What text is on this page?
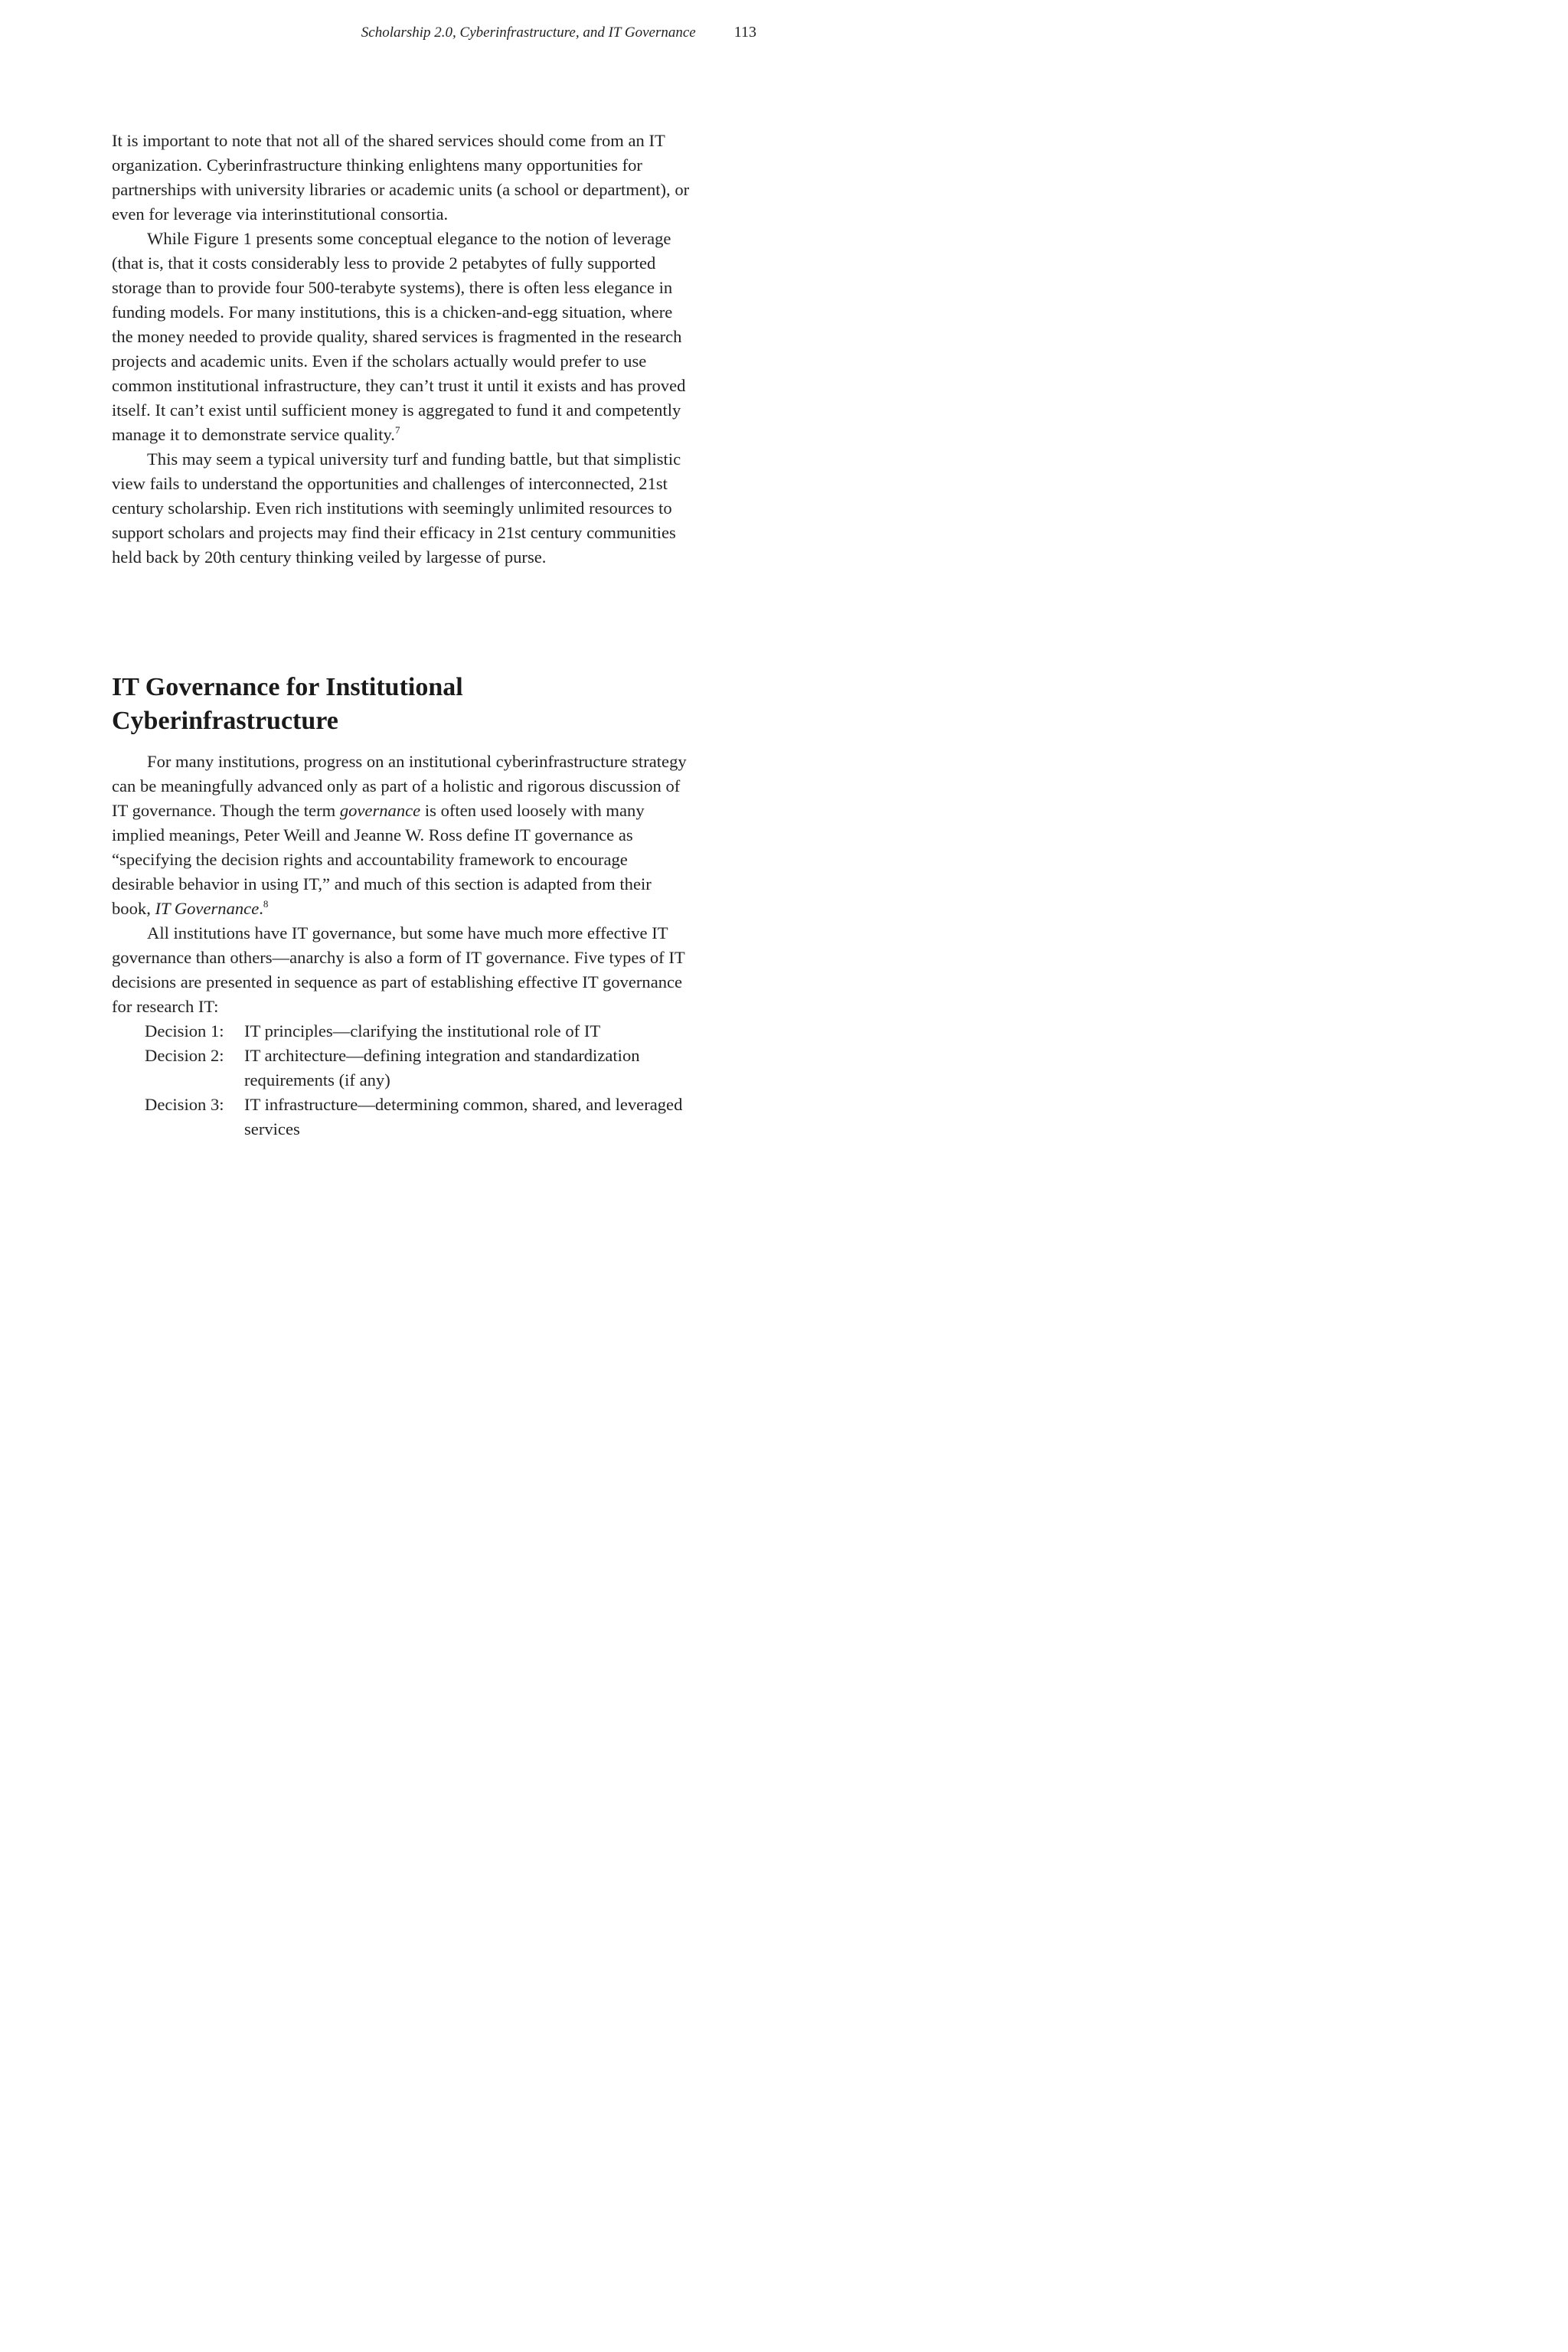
Scholarship 2.0, Cyberinfrastructure, and IT Governance	113

It is important to note that not all of the shared services should come from an IT organization. Cyberinfrastructure thinking enlightens many opportunities for partnerships with university libraries or academic units (a school or department), or even for leverage via interinstitutional consortia.

While Figure 1 presents some conceptual elegance to the notion of leverage (that is, that it costs considerably less to provide 2 petabytes of fully supported storage than to provide four 500-terabyte systems), there is often less elegance in funding models. For many institutions, this is a chicken-and-egg situation, where the money needed to provide quality, shared services is fragmented in the research projects and academic units. Even if the scholars actually would prefer to use common institutional infrastructure, they can’t trust it until it exists and has proved itself. It can’t exist until sufficient money is aggregated to fund it and competently manage it to demonstrate service quality.$^7$

This may seem a typical university turf and funding battle, but that simplistic view fails to understand the opportunities and challenges of interconnected, 21st century scholarship. Even rich institutions with seemingly unlimited resources to support scholars and projects may find their efficacy in 21st century communities held back by 20th century thinking veiled by largesse of purse.

IT Governance for Institutional Cyberinfrastructure

For many institutions, progress on an institutional cyberinfrastructure strategy can be meaningfully advanced only as part of a holistic and rigorous discussion of IT governance. Though the term governance is often used loosely with many implied meanings, Peter Weill and Jeanne W. Ross define IT governance as “specifying the decision rights and accountability framework to encourage desirable behavior in using IT,” and much of this section is adapted from their book, IT Governance.$^8$

All institutions have IT governance, but some have much more effective IT governance than others—anarchy is also a form of IT governance. Five types of IT decisions are presented in sequence as part of establishing effective IT governance for research IT:

Decision 1:	IT principles—clarifying the institutional role of IT
Decision 2:	IT architecture—defining integration and standardization requirements (if any)
Decision 3:	IT infrastructure—determining common, shared, and leveraged services
